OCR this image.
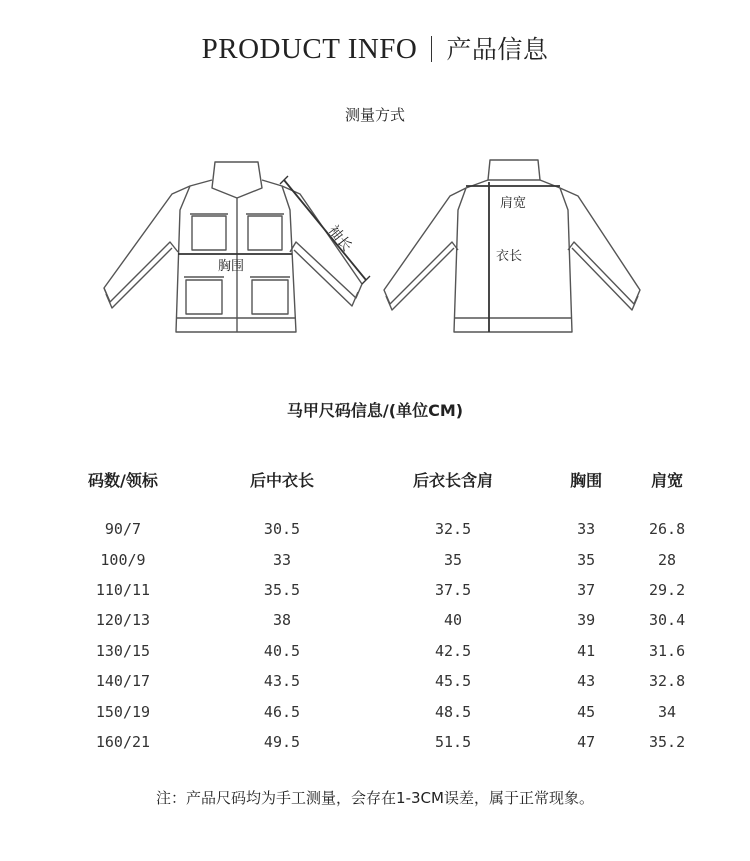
PRODUCT INFO 产品信息
测量方式
袖长
胸围
肩宽
衣长
马甲尺码信息/(单位CM)
码数/领标	后中衣长	后衣长含肩	胸围	肩宽
90/7	30.5	32.5	33	26.8
100/9	33	35	35	28
110/11	35.5	37.5	37	29.2
120/13	38	40	39	30.4
130/15	40.5	42.5	41	31.6
140/17	43.5	45.5	43	32.8
150/19	46.5	48.5	45	34
160/21	49.5	51.5	47	35.2
注：产品尺码均为手工测量，会存在1-3CM误差，属于正常现象。
